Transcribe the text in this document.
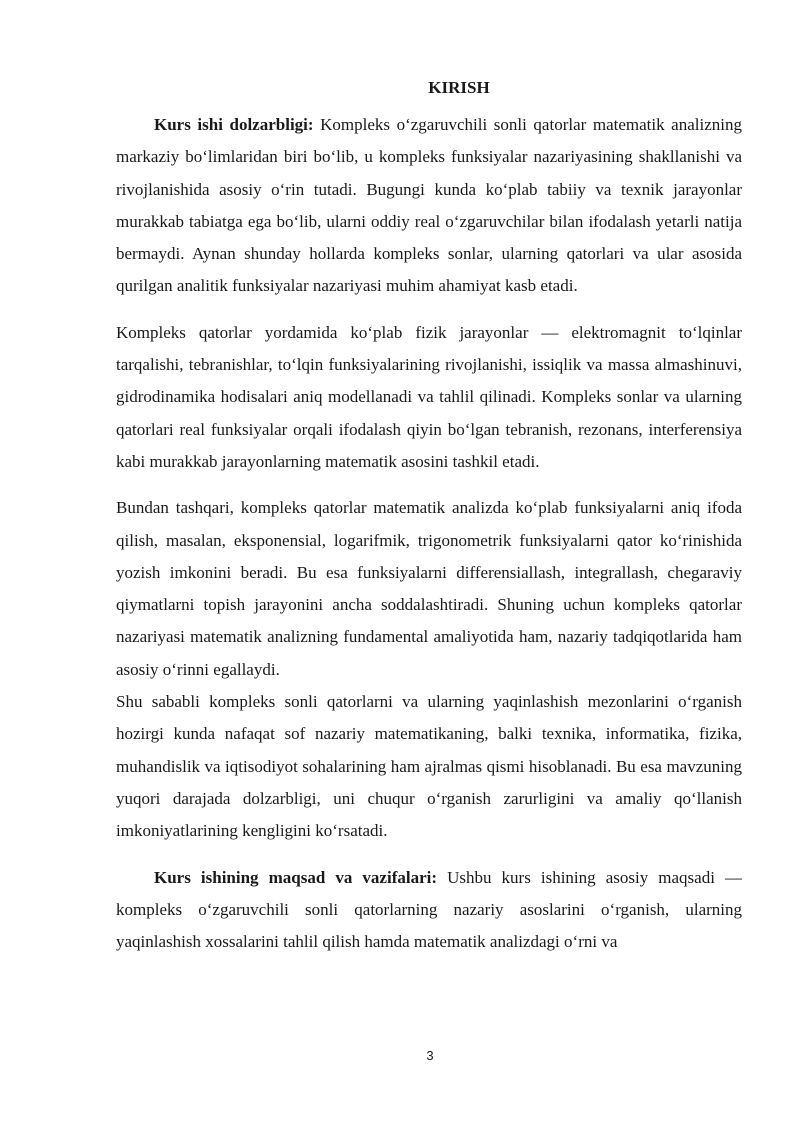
KIRISH

Kurs ishi dolzarbligi: Kompleks o‘zgaruvchili sonli qatorlar matematik analizning markaziy bo‘limlaridan biri bo‘lib, u kompleks funksiyalar nazariyasining shakllanishi va rivojlanishida asosiy o‘rin tutadi. Bugungi kunda ko‘plab tabiiy va texnik jarayonlar murakkab tabiatga ega bo‘lib, ularni oddiy real o‘zgaruvchilar bilan ifodalash yetarli natija bermaydi. Aynan shunday hollarda kompleks sonlar, ularning qatorlari va ular asosida qurilgan analitik funksiyalar nazariyasi muhim ahamiyat kasb etadi.

Kompleks qatorlar yordamida ko‘plab fizik jarayonlar — elektromagnit to‘lqinlar tarqalishi, tebranishlar, to‘lqin funksiyalarining rivojlanishi, issiqlik va massa almashinuvi, gidrodinamika hodisalari aniq modellanadi va tahlil qilinadi. Kompleks sonlar va ularning qatorlari real funksiyalar orqali ifodalash qiyin bo‘lgan tebranish, rezonans, interferensiya kabi murakkab jarayonlarning matematik asosini tashkil etadi.

Bundan tashqari, kompleks qatorlar matematik analizda ko‘plab funksiyalarni aniq ifoda qilish, masalan, eksponensial, logarifmik, trigonometrik funksiyalarni qator ko‘rinishida yozish imkonini beradi. Bu esa funksiyalarni differensiallash, integrallash, chegaraviy qiymatlarni topish jarayonini ancha soddalashtiradi. Shuning uchun kompleks qatorlar nazariyasi matematik analizning fundamental amaliyotida ham, nazariy tadqiqotlarida ham asosiy o‘rinni egallaydi.

Shu sababli kompleks sonli qatorlarni va ularning yaqinlashish mezonlarini o‘rganish hozirgi kunda nafaqat sof nazariy matematikaning, balki texnika, informatika, fizika, muhandislik va iqtisodiyot sohalarining ham ajralmas qismi hisoblanadi. Bu esa mavzuning yuqori darajada dolzarbligi, uni chuqur o‘rganish zarurligini va amaliy qo‘llanish imkoniyatlarining kengligini ko‘rsatadi.

Kurs ishining maqsad va vazifalari: Ushbu kurs ishining asosiy maqsadi — kompleks o‘zgaruvchili sonli qatorlarning nazariy asoslarini o‘rganish, ularning yaqinlashish xossalarini tahlil qilish hamda matematik analizdagi o‘rni va

3
